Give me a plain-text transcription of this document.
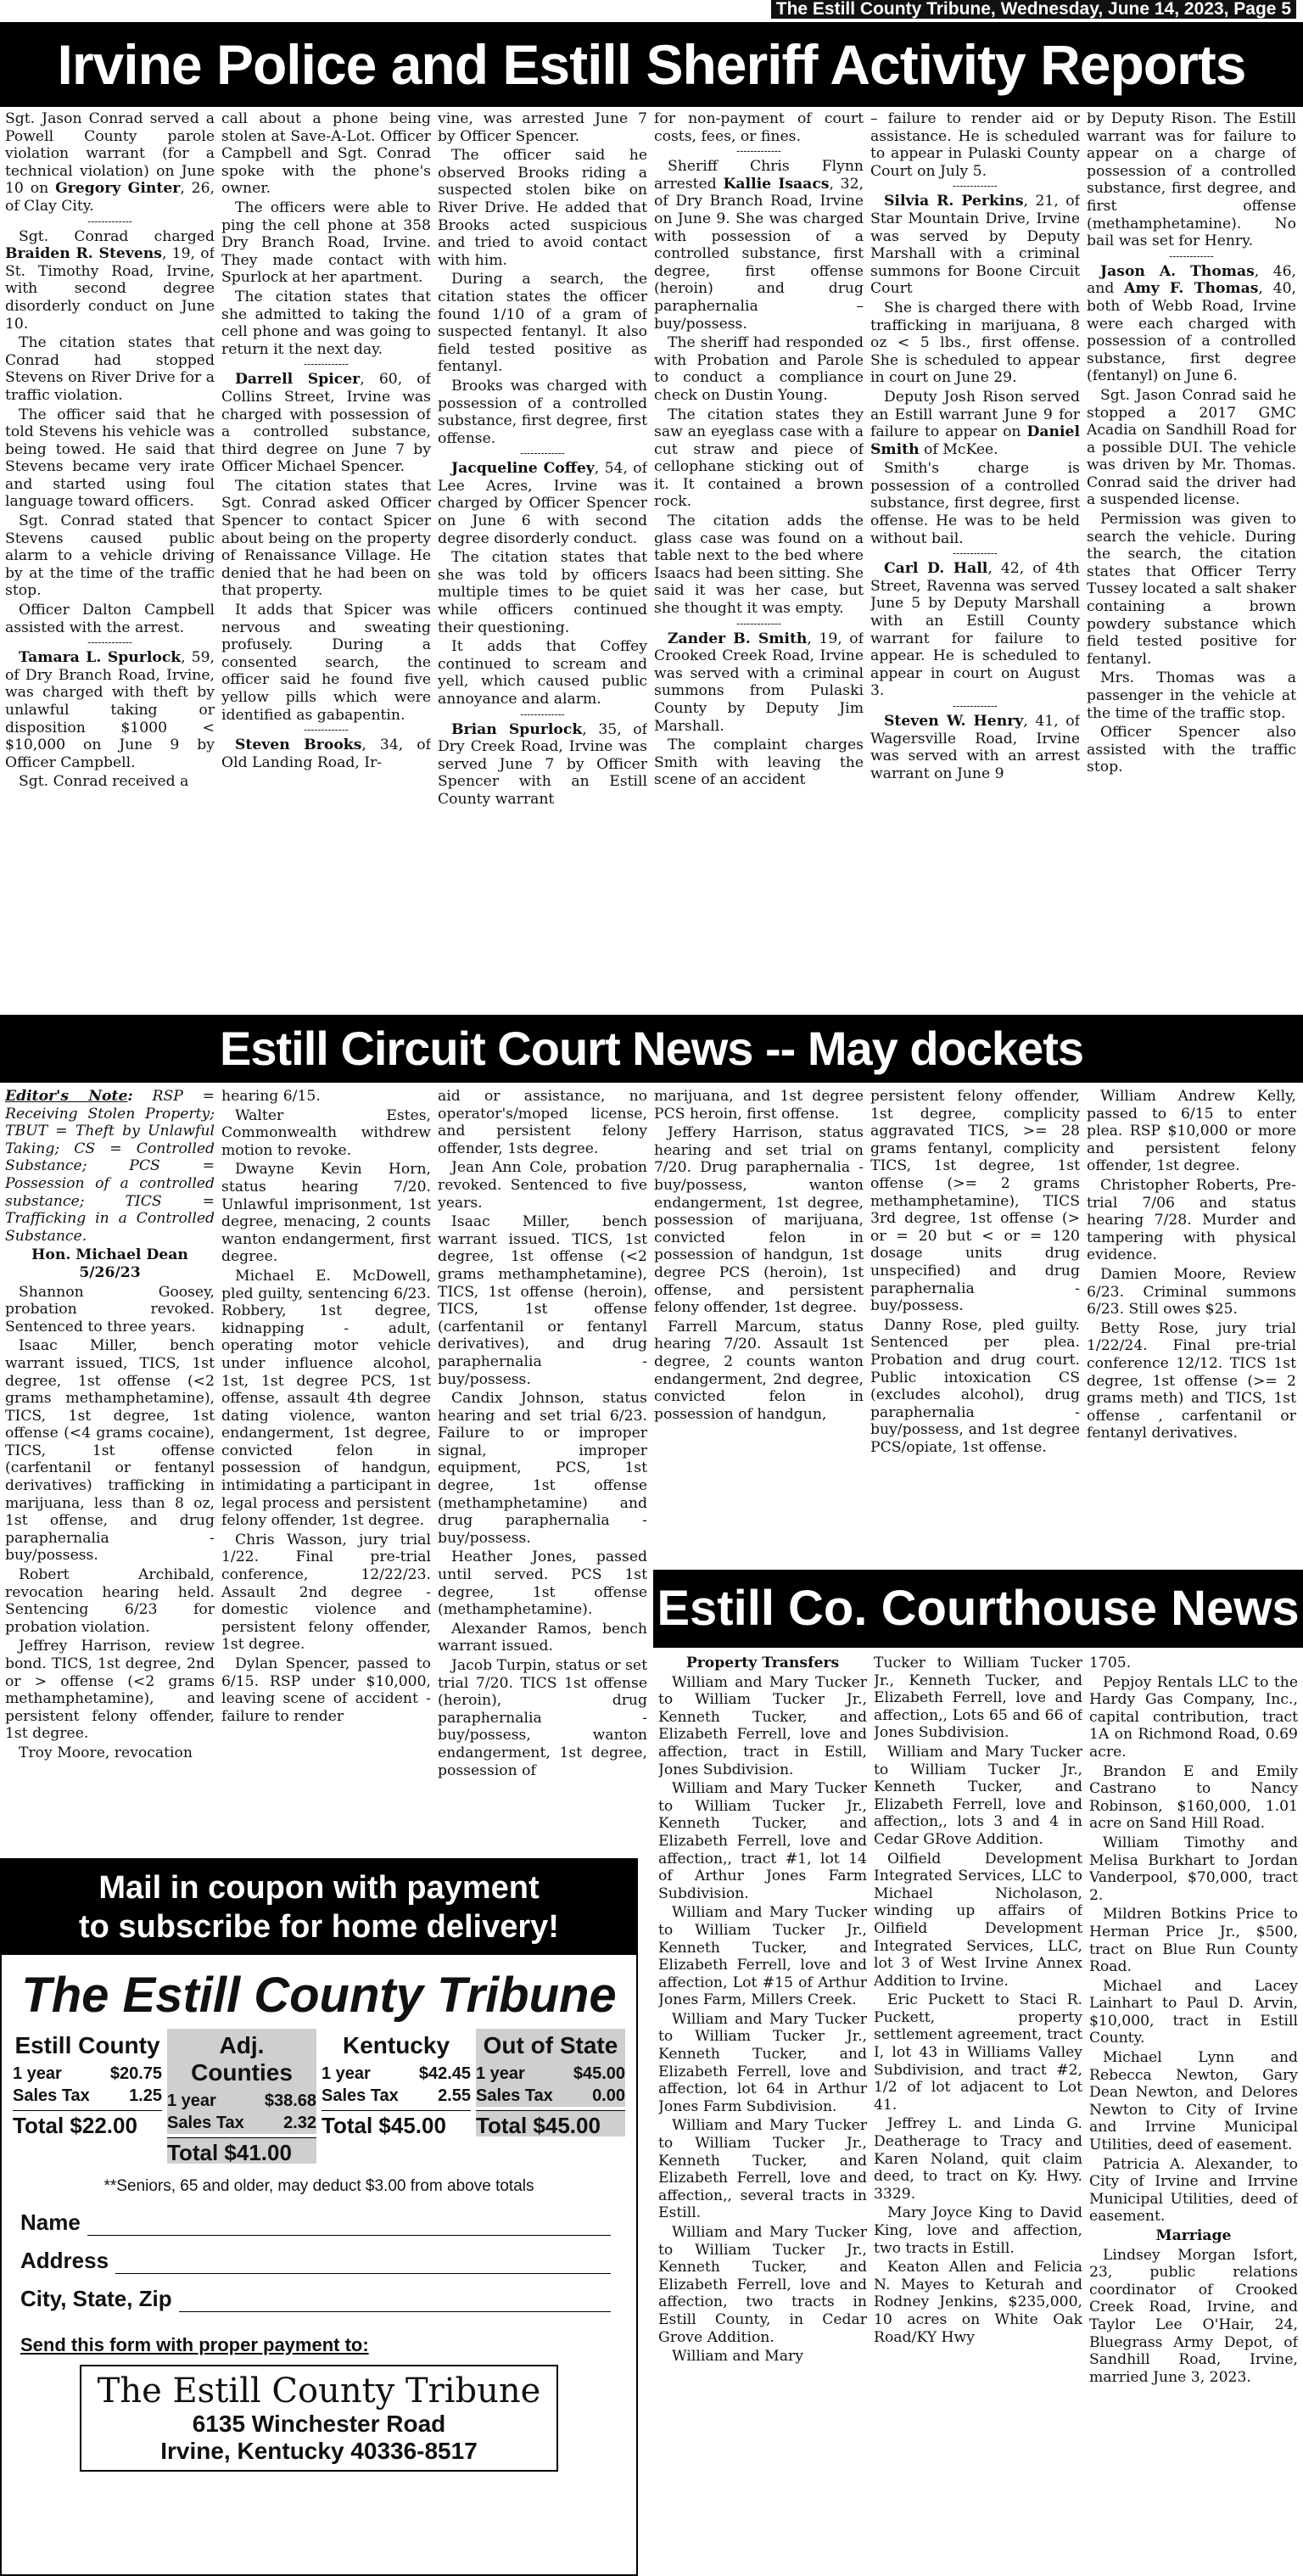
The Estill County Tribune, Wednesday, June 14, 2023, Page 5
Irvine Police and Estill Sheriff Activity Reports

Sgt. Jason Conrad served a Powell County parole violation warrant (for a technical violation) on June 10 on Gregory Ginter, 26, of Clay City.

-------------

Sgt. Conrad charged Braiden R. Stevens, 19, of St. Timothy Road, Irvine, with second degree disorderly conduct on June 10.

The citation states that Conrad had stopped Stevens on River Drive for a traffic violation.

The officer said that he told Stevens his vehicle was being towed. He said that Stevens became very irate and started using foul language toward officers.

Sgt. Conrad stated that Stevens caused public alarm to a vehicle driving by at the time of the traffic stop.

Officer Dalton Campbell assisted with the arrest.

-------------

Tamara L. Spurlock, 59, of Dry Branch Road, Irvine, was charged with theft by unlawful taking or disposition $1000 < $10,000 on June 9 by Officer Campbell.

Sgt. Conrad received a

call about a phone being stolen at Save-A-Lot. Officer Campbell and Sgt. Conrad spoke with the phone's owner.

The officers were able to ping the cell phone at 358 Dry Branch Road, Irvine. They made contact with Spurlock at her apartment.

The citation states that she admitted to taking the cell phone and was going to return it the next day.

-------------

Darrell Spicer, 60, of Collins Street, Irvine was charged with possession of a controlled substance, third degree on June 7 by Officer Michael Spencer.

The citation states that Sgt. Conrad asked Officer Spencer to contact Spicer about being on the property of Renaissance Village. He denied that he had been on that property.

It adds that Spicer was nervous and sweating profusely. During a consented search, the officer said he found five yellow pills which were identified as gabapentin.

-------------

Steven Brooks, 34, of Old Landing Road, Ir-

vine, was arrested June 7 by Officer Spencer.

The officer said he observed Brooks riding a suspected stolen bike on River Drive. He added that Brooks acted suspicious and tried to avoid contact with him.

During a search, the citation states the officer found 1/10 of a gram of suspected fentanyl. It also field tested positive as fentanyl.

Brooks was charged with possession of a controlled substance, first degree, first offense.

-------------

Jacqueline Coffey, 54, of Lee Acres, Irvine was charged by Officer Spencer on June 6 with second degree disorderly conduct.

The citation states that she was told by officers multiple times to be quiet while officers continued their questioning.

It adds that Coffey continued to scream and yell, which caused public annoyance and alarm.

-------------

Brian Spurlock, 35, of Dry Creek Road, Irvine was served June 7 by Officer Spencer with an Estill County warrant

for non-payment of court costs, fees, or fines.

-------------

Sheriff Chris Flynn arrested Kallie Isaacs, 32, of Dry Branch Road, Irvine on June 9. She was charged with possession of a controlled substance, first degree, first offense (heroin) and drug paraphernalia – buy/possess.

The sheriff had responded with Probation and Parole to conduct a compliance check on Dustin Young.

The citation states they saw an eyeglass case with a cut straw and piece of cellophane sticking out of it. It contained a brown rock.

The citation adds the glass case was found on a table next to the bed where Isaacs had been sitting. She said it was her case, but she thought it was empty.

-------------

Zander B. Smith, 19, of Crooked Creek Road, Irvine was served with a criminal summons from Pulaski County by Deputy Jim Marshall.

The complaint charges Smith with leaving the scene of an accident

– failure to render aid or assistance. He is scheduled to appear in Pulaski County Court on July 5.

-------------

Silvia R. Perkins, 21, of Star Mountain Drive, Irvine was served by Deputy Marshall with a criminal summons for Boone Circuit Court

She is charged there with trafficking in marijuana, 8 oz < 5 lbs., first offense. She is scheduled to appear in court on June 29.

Deputy Josh Rison served an Estill warrant June 9 for failure to appear on Daniel Smith of McKee.

Smith's charge is possession of a controlled substance, first degree, first offense. He was to be held without bail.

-------------

Carl D. Hall, 42, of 4th Street, Ravenna was served June 5 by Deputy Marshall with an Estill County warrant for failure to appear. He is scheduled to appear in court on August 3.

-------------

Steven W. Henry, 41, of Wagersville Road, Irvine was served with an arrest warrant on June 9

by Deputy Rison. The Estill warrant was for failure to appear on a charge of possession of a controlled substance, first degree, and first offense (methamphetamine). No bail was set for Henry.

-------------

Jason A. Thomas, 46, and Amy F. Thomas, 40, both of Webb Road, Irvine were each charged with possession of a controlled substance, first degree (fentanyl) on June 6.

Sgt. Jason Conrad said he stopped a 2017 GMC Acadia on Sandhill Road for a possible DUI. The vehicle was driven by Mr. Thomas. Conrad said the driver had a suspended license.

Permission was given to search the vehicle. During the search, the citation states that Officer Terry Tussey located a salt shaker containing a brown powdery substance which field tested positive for fentanyl.

Mrs. Thomas was a passenger in the vehicle at the time of the traffic stop.

Officer Spencer also assisted with the traffic stop.

Estill Circuit Court News -- May dockets

Editor's Note: RSP = Receiving Stolen Property; TBUT = Theft by Unlawful Taking; CS = Controlled Substance; PCS = Possession of a controlled substance; TICS = Trafficking in a Controlled Substance.

Hon. Michael Dean
5/26/23

Shannon Goosey, probation revoked. Sentenced to three years.

Isaac Miller, bench warrant issued, TICS, 1st degree, 1st offense (<2 grams methamphetamine), TICS, 1st degree, 1st offense (<4 grams cocaine), TICS, 1st offense (carfentanil or fentanyl derivatives) trafficking in marijuana, less than 8 oz, 1st offense, and drug paraphernalia - buy/possess.

Robert Archibald, revocation hearing held. Sentencing 6/23 for probation violation.

Jeffrey Harrison, review bond. TICS, 1st degree, 2nd or > offense (<2 grams methamphetamine), and persistent felony offender, 1st degree.

Troy Moore, revocation

hearing 6/15.

Walter Estes, Commonwealth withdrew motion to revoke.

Dwayne Kevin Horn, status hearing 7/20. Unlawful imprisonment, 1st degree, menacing, 2 counts wanton endangerment, first degree.

Michael E. McDowell, pled guilty, sentencing 6/23. Robbery, 1st degree, kidnapping - adult, operating motor vehicle under influence alcohol, 1st, 1st degree PCS, 1st offense, assault 4th degree dating violence, wanton endangerment, 1st degree, convicted felon in possession of handgun, intimidating a participant in legal process and persistent felony offender, 1st degree.

Chris Wasson, jury trial 1/22. Final pre-trial conference, 12/22/23. Assault 2nd degree - domestic violence and persistent felony offender, 1st degree.

Dylan Spencer, passed to 6/15. RSP under $10,000, leaving scene of accident - failure to render

aid or assistance, no operator's/moped license, and persistent felony offender, 1sts degree.

Jean Ann Cole, probation revoked. Sentenced to five years.

Isaac Miller, bench warrant issued. TICS, 1st degree, 1st offense (<2 grams methamphetamine), TICS, 1st offense (heroin), TICS, 1st offense (carfentanil or fentanyl derivatives), and drug paraphernalia - buy/possess.

Candix Johnson, status hearing and set trial 6/23. Failure to or improper signal, improper equipment, PCS, 1st degree, 1st offense (methamphetamine) and drug paraphernalia - buy/possess.

Heather Jones, passed until served. PCS 1st degree, 1st offense (methamphetamine).

Alexander Ramos, bench warrant issued.

Jacob Turpin, status or set trial 7/20. TICS 1st offense (heroin), drug paraphernalia - buy/possess, wanton endangerment, 1st degree, possession of

marijuana, and 1st degree PCS heroin, first offense.

Jeffery Harrison, status hearing and set trial on 7/20. Drug paraphernalia - buy/possess, wanton endangerment, 1st degree, possession of marijuana, convicted felon in possession of handgun, 1st degree PCS (heroin), 1st offense, and persistent felony offender, 1st degree.

Farrell Marcum, status hearing 7/20. Assault 1st degree, 2 counts wanton endangerment, 2nd degree, convicted felon in possession of handgun,

persistent felony offender, 1st degree, complicity aggravated TICS, >= 28 grams fentanyl, complicity TICS, 1st degree, 1st offense (>= 2 grams methamphetamine), TICS 3rd degree, 1st offense (> or = 20 but < or = 120 dosage units drug unspecified) and drug paraphernalia - buy/possess.

Danny Rose, pled guilty. Sentenced per plea. Probation and drug court. Public intoxication CS (excludes alcohol), drug paraphernalia - buy/possess, and 1st degree PCS/opiate, 1st offense.

William Andrew Kelly, passed to 6/15 to enter plea. RSP $10,000 or more and persistent felony offender, 1st degree.

Christopher Roberts, Pre-trial 7/06 and status hearing 7/28. Murder and tampering with physical evidence.

Damien Moore, Review 6/23. Criminal summons 6/23. Still owes $25.

Betty Rose, jury trial 1/22/24. Final pre-trial conference 12/12. TICS 1st degree, 1st offense (>= 2 grams meth) and TICS, 1st offense , carfentanil or fentanyl derivatives.

Estill Co. Courthouse News

Property Transfers

William and Mary Tucker to William Tucker Jr., Kenneth Tucker, and Elizabeth Ferrell, love and affection, tract in Estill, Jones Subdivision.

William and Mary Tucker to William Tucker Jr., Kenneth Tucker, and Elizabeth Ferrell, love and affection,, tract #1, lot 14 of Arthur Jones Farm Subdivision.

William and Mary Tucker to William Tucker Jr., Kenneth Tucker, and Elizabeth Ferrell, love and affection, Lot #15 of Arthur Jones Farm, Millers Creek.

William and Mary Tucker to William Tucker Jr., Kenneth Tucker, and Elizabeth Ferrell, love and affection, lot 64 in Arthur Jones Farm Subdivision.

William and Mary Tucker to William Tucker Jr., Kenneth Tucker, and Elizabeth Ferrell, love and affection,, several tracts in Estill.

William and Mary Tucker to William Tucker Jr., Kenneth Tucker, and Elizabeth Ferrell, love and affection, two tracts in Estill County, in Cedar Grove Addition.

William and Mary

Tucker to William Tucker Jr., Kenneth Tucker, and Elizabeth Ferrell, love and affection,, Lots 65 and 66 of Jones Subdivision.

William and Mary Tucker to William Tucker Jr., Kenneth Tucker, and Elizabeth Ferrell, love and affection,, lots 3 and 4 in Cedar GRove Addition.

Oilfield Development Integrated Services, LLC to Michael Nicholason, winding up affairs of Oilfield Development Integrated Services, LLC, lot 3 of West Irvine Annex Addition to Irvine.

Eric Puckett to Staci R. Puckett, property settlement agreement, tract I, lot 43 in Williams Valley Subdivision, and tract #2, 1/2 of lot adjacent to Lot 41.

Jeffrey L. and Linda G. Deatherage to Tracy and Karen Noland, quit claim deed, to tract on Ky. Hwy. 3329.

Mary Joyce King to David King, love and affection, two tracts in Estill.

Keaton Allen and Felicia N. Mayes to Keturah and Rodney Jenkins, $235,000, 10 acres on White Oak Road/KY Hwy

1705.

Pepjoy Rentals LLC to the Hardy Gas Company, Inc., capital contribution, tract 1A on Richmond Road, 0.69 acre.

Brandon E and Emily Castrano to Nancy Robinson, $160,000, 1.01 acre on Sand Hill Road.

William Timothy and Melisa Burkhart to Jordan Vanderpool, $70,000, tract 2.

Mildren Botkins Price to Herman Price Jr., $500, tract on Blue Run County Road.

Michael and Lacey Lainhart to Paul D. Arvin, $10,000, tract in Estill County.

Michael Lynn and Rebecca Newton, Gary Dean Newton, and Delores Newton to City of Irvine and Irrvine Municipal Utilities, deed of easement.

Patricia A. Alexander, to City of Irvine and Irrvine Municipal Utilities, deed of easement.

Marriage

Lindsey Morgan Isfort, 23, public relations coordinator of Crooked Creek Road, Irvine, and Taylor Lee O'Hair, 24, Bluegrass Army Depot, of Sandhill Road, Irvine, married June 3, 2023.

Mail in coupon with payment
to subscribe for home delivery!
The Estill County Tribune
Estill County
1 year	$20.75
Sales Tax 1.25
Total $22.00
Adj. Counties
1 year	$38.68
Sales Tax 2.32
Total $41.00
Kentucky
1 year	$42.45
Sales Tax 2.55
Total $45.00
Out of State
1 year	$45.00
Sales Tax 0.00
Total $45.00
**Seniors, 65 and older, may deduct $3.00 from above totals
Name
Address
City, State, Zip
Send this form with proper payment to:
The Estill County Tribune
6135 Winchester Road
Irvine, Kentucky 40336-8517
